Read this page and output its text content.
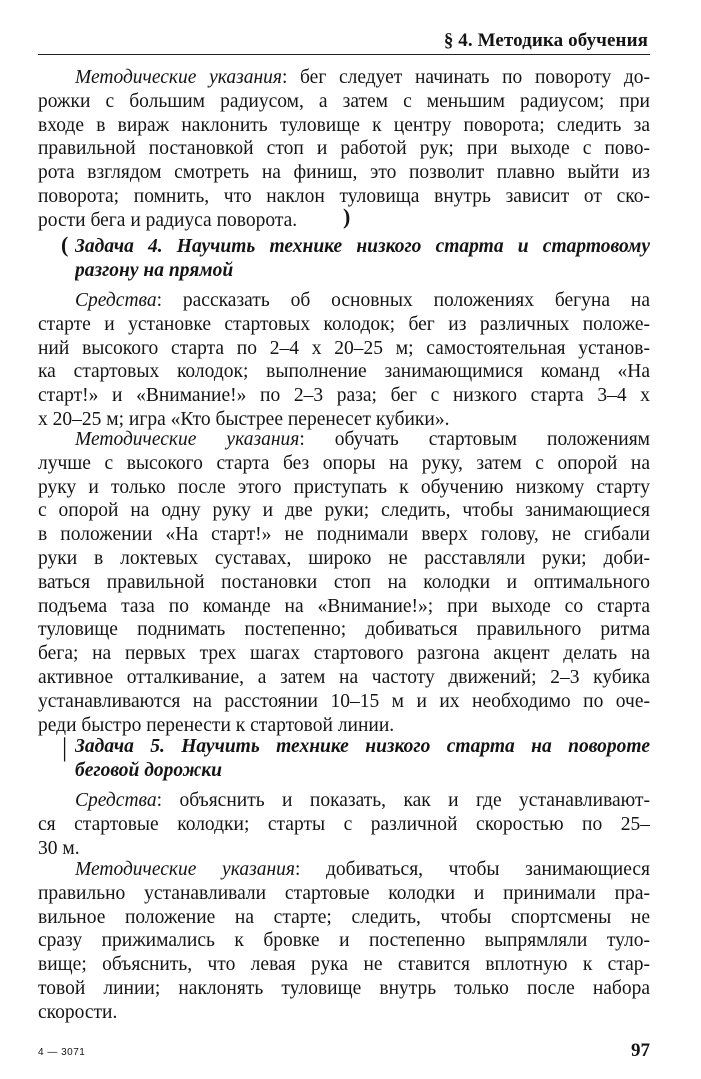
§ 4. Методика обучения
Методические указания: бег следует начинать по повороту до-
рожки с большим радиусом, а затем с меньшим радиусом; при
входе в вираж наклонить туловище к центру поворота; следить за
правильной постановкой стоп и работой рук; при выходе с пово-
рота взглядом смотреть на финиш, это позволит плавно выйти из
поворота; помнить, что наклон туловища внутрь зависит от ско-
рости бега и радиуса поворота.
Задача 4. Научить технике низкого старта и стартовому
разгону на прямой
Средства: рассказать об основных положениях бегуна на
старте и установке стартовых колодок; бег из различных положе-
ний высокого старта по 2–4 х 20–25 м; самостоятельная установ-
ка стартовых колодок; выполнение занимающимися команд «На
старт!» и «Внимание!» по 2–3 раза; бег с низкого старта 3–4 х
х 20–25 м; игра «Кто быстрее перенесет кубики».
Методические указания: обучать стартовым положениям
лучше с высокого старта без опоры на руку, затем с опорой на
руку и только после этого приступать к обучению низкому старту
с опорой на одну руку и две руки; следить, чтобы занимающиеся
в положении «На старт!» не поднимали вверх голову, не сгибали
руки в локтевых суставах, широко не расставляли руки; доби-
ваться правильной постановки стоп на колодки и оптимального
подъема таза по команде на «Внимание!»; при выходе со старта
туловище поднимать постепенно; добиваться правильного ритма
бега; на первых трех шагах стартового разгона акцент делать на
активное отталкивание, а затем на частоту движений; 2–3 кубика
устанавливаются на расстоянии 10–15 м и их необходимо по оче-
реди быстро перенести к стартовой линии.
Задача 5. Научить технике низкого старта на повороте
беговой дорожки
Средства: объяснить и показать, как и где устанавливают-
ся стартовые колодки; старты с различной скоростью по 25–
30 м.
Методические указания: добиваться, чтобы занимающиеся
правильно устанавливали стартовые колодки и принимали пра-
вильное положение на старте; следить, чтобы спортсмены не
сразу прижимались к бровке и постепенно выпрямляли туло-
вище; объяснить, что левая рука не ставится вплотную к стар-
товой линии; наклонять туловище внутрь только после набора
скорости.
)
(
|
4 — 3071	97
